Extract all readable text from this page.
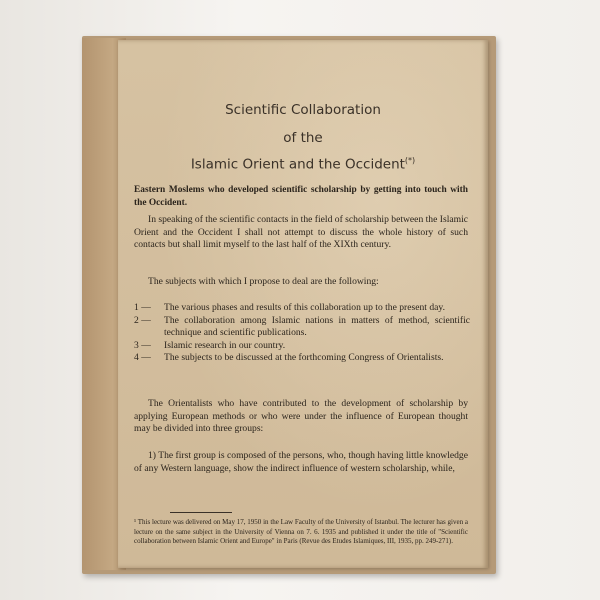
Scientific Collaboration
of the
Islamic Orient and the Occident(*)
Eastern Moslems who developed scientific scholarship by getting into touch with the Occident.
In speaking of the scientific contacts in the field of scholarship between the Islamic Orient and the Occident I shall not attempt to discuss the whole history of such contacts but shall limit myself to the last half of the XIXth century.
The subjects with which I propose to deal are the following:
1 —	The various phases and results of this collaboration up to the present day.
2 —	The collaboration among Islamic nations in matters of method, scientific technique and scientific publications.
3 —	Islamic research in our country.
4 —	The subjects to be discussed at the forthcoming Congress of Orientalists.
The Orientalists who have contributed to the development of scholarship by applying European methods or who were under the influence of European thought may be divided into three groups:
1) The first group is composed of the persons, who, though having little knowledge of any Western language, show the indirect influence of western scholarship, while,
¹ This lecture was delivered on May 17, 1950 in the Law Faculty of the University of Istanbul. The lecturer has given a lecture on the same subject in the University of Vienna on 7. 6. 1935 and published it under the title of "Scientific collaboration between Islamic Orient and Europe" in Paris (Revue des Etudes Islamiques, III, 1935, pp. 249-271).
